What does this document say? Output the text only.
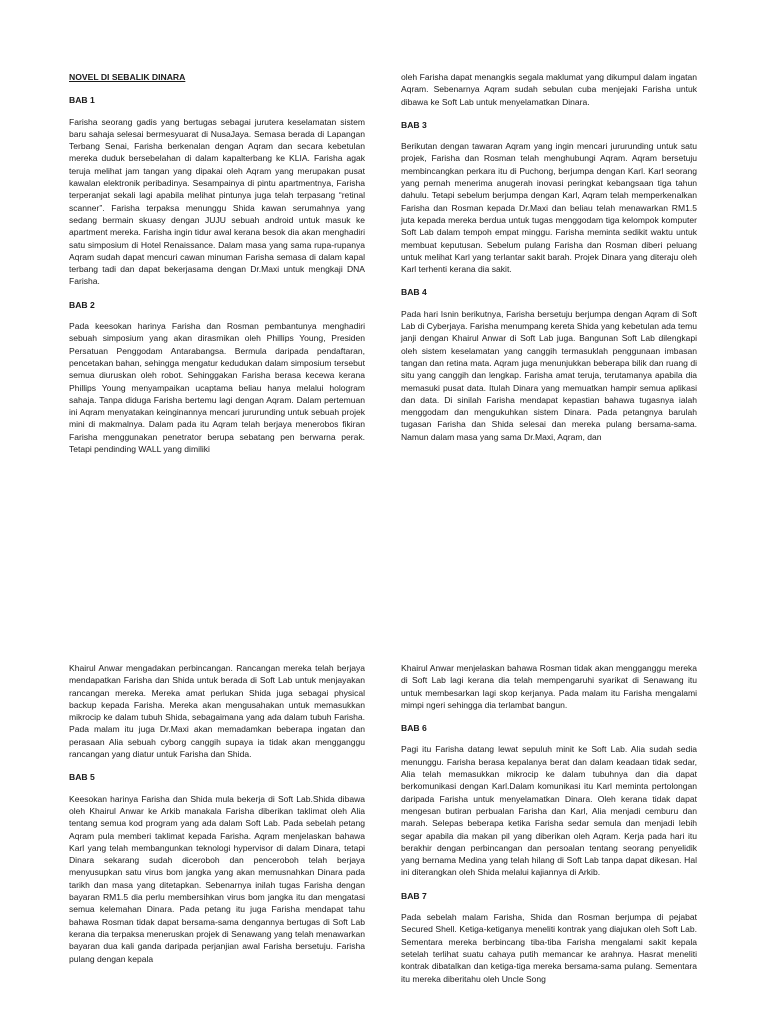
NOVEL DI SEBALIK DINARA
BAB 1
Farisha seorang gadis yang bertugas sebagai jurutera keselamatan sistem baru sahaja selesai bermesyuarat di NusaJaya. Semasa berada di Lapangan Terbang Senai, Farisha berkenalan dengan Aqram dan secara kebetulan mereka duduk bersebelahan di dalam kapalterbang ke KLIA. Farisha agak teruja melihat jam tangan yang dipakai oleh Aqram yang merupakan pusat kawalan elektronik peribadinya. Sesampainya di pintu apartmentnya, Farisha terperanjat sekali lagi apabila melihat pintunya juga telah terpasang “retinal scanner”. Farisha terpaksa menunggu Shida kawan serumahnya yang sedang bermain skuasy dengan JUJU sebuah android untuk masuk ke apartment mereka. Farisha ingin tidur awal kerana besok dia akan menghadiri satu simposium di Hotel Renaissance. Dalam masa yang sama rupa-rupanya Aqram sudah dapat mencuri cawan minuman Farisha semasa di dalam kapal terbang tadi dan dapat bekerjasama dengan Dr.Maxi untuk mengkaji DNA Farisha.
BAB 2
Pada keesokan harinya Farisha dan Rosman pembantunya menghadiri sebuah simposium yang akan dirasmikan oleh Phillips Young, Presiden Persatuan Penggodam Antarabangsa. Bermula daripada pendaftaran, pencetakan bahan, sehingga mengatur kedudukan dalam simposium tersebut semua diuruskan oleh robot. Sehinggakan Farisha berasa kecewa kerana Phillips Young menyampaikan ucaptama beliau hanya melalui hologram sahaja. Tanpa diduga Farisha bertemu lagi dengan Aqram. Dalam pertemuan ini Aqram menyatakan keinginannya mencari jururunding untuk sebuah projek mini di makmalnya. Dalam pada itu Aqram telah berjaya menerobos fikiran Farisha menggunakan penetrator berupa sebatang pen berwarna perak. Tetapi pendinding WALL yang dimiliki
oleh Farisha dapat menangkis segala maklumat yang dikumpul dalam ingatan Aqram. Sebenarnya Aqram sudah sebulan cuba menjejaki Farisha untuk dibawa ke Soft Lab untuk menyelamatkan Dinara.
BAB 3
Berikutan dengan tawaran Aqram yang ingin mencari jururunding untuk satu projek, Farisha dan Rosman telah menghubungi Aqram. Aqram bersetuju membincangkan perkara itu di Puchong, berjumpa dengan Karl. Karl seorang yang pernah menerima anugerah inovasi peringkat kebangsaan tiga tahun dahulu. Tetapi sebelum berjumpa dengan Karl, Aqram telah memperkenalkan Farisha dan Rosman kepada Dr.Maxi dan beliau telah menawarkan RM1.5 juta kepada mereka berdua untuk tugas menggodam tiga kelompok komputer Soft Lab dalam tempoh empat minggu. Farisha meminta sedikit waktu untuk membuat keputusan. Sebelum pulang Farisha dan Rosman diberi peluang untuk melihat Karl yang terlantar sakit barah. Projek Dinara yang diteraju oleh Karl terhenti kerana dia sakit.
BAB 4
Pada hari Isnin berikutnya, Farisha bersetuju berjumpa dengan Aqram di Soft Lab di Cyberjaya. Farisha menumpang kereta Shida yang kebetulan ada temu janji dengan Khairul Anwar di Soft Lab juga. Bangunan Soft Lab dilengkapi oleh sistem keselamatan yang canggih termasuklah penggunaan imbasan tangan dan retina mata. Aqram juga menunjukkan beberapa bilik dan ruang di situ yang canggih dan lengkap. Farisha amat teruja, terutamanya apabila dia memasuki pusat data. Itulah Dinara yang memuatkan hampir semua aplikasi dan data. Di sinilah Farisha mendapat kepastian bahawa tugasnya ialah menggodam dan mengukuhkan sistem Dinara. Pada petangnya barulah tugasan Farisha dan Shida selesai dan mereka pulang bersama-sama. Namun dalam masa yang sama Dr.Maxi, Aqram, dan
Khairul Anwar mengadakan perbincangan. Rancangan mereka telah berjaya mendapatkan Farisha dan Shida untuk berada di Soft Lab untuk menjayakan rancangan mereka. Mereka amat perlukan Shida juga sebagai physical backup kepada Farisha. Mereka akan mengusahakan untuk memasukkan mikrocip ke dalam tubuh Shida, sebagaimana yang ada dalam tubuh Farisha. Pada malam itu juga Dr.Maxi akan memadamkan beberapa ingatan dan perasaan Alia sebuah cyborg canggih supaya ia tidak akan mengganggu rancangan yang diatur untuk Farisha dan Shida.
BAB 5
Keesokan harinya Farisha dan Shida mula bekerja di Soft Lab.Shida dibawa oleh Khairul Anwar ke Arkib manakala Farisha diberikan taklimat oleh Alia tentang semua kod program yang ada dalam Soft Lab. Pada sebelah petang Aqram pula memberi taklimat kepada Farisha. Aqram menjelaskan bahawa Karl yang telah membangunkan teknologi hypervisor di dalam Dinara, tetapi Dinara sekarang sudah diceroboh dan penceroboh telah berjaya menyusupkan satu virus bom jangka yang akan memusnahkan Dinara pada tarikh dan masa yang ditetapkan. Sebenarnya inilah tugas Farisha dengan bayaran RM1.5 dia perlu membersihkan virus bom jangka itu dan mengatasi semua kelemahan Dinara. Pada petang itu juga Farisha mendapat tahu bahawa Rosman tidak dapat bersama-sama dengannya bertugas di Soft Lab kerana dia terpaksa meneruskan projek di Senawang yang telah menawarkan bayaran dua kali ganda daripada perjanjian awal Farisha bersetuju. Farisha pulang dengan kepala
Khairul Anwar menjelaskan bahawa Rosman tidak akan mengganggu mereka di Soft Lab lagi kerana dia telah mempengaruhi syarikat di Senawang itu untuk membesarkan lagi skop kerjanya. Pada malam itu Farisha mengalami mimpi ngeri sehingga dia terlambat bangun.
BAB 6
Pagi itu Farisha datang lewat sepuluh minit ke Soft Lab. Alia sudah sedia menunggu. Farisha berasa kepalanya berat dan dalam keadaan tidak sedar, Alia telah memasukkan mikrocip ke dalam tubuhnya dan dia dapat berkomunikasi dengan Karl.Dalam komunikasi itu Karl meminta pertolongan daripada Farisha untuk menyelamatkan Dinara. Oleh kerana tidak dapat mengesan butiran perbualan Farisha dan Karl, Alia menjadi cemburu dan marah. Selepas beberapa ketika Farisha sedar semula dan menjadi lebih segar apabila dia makan pil yang diberikan oleh Aqram. Kerja pada hari itu berakhir dengan perbincangan dan persoalan tentang seorang penyelidik yang bernama Medina yang telah hilang di Soft Lab tanpa dapat dikesan. Hal ini diterangkan oleh Shida melalui kajiannya di Arkib.
BAB 7
Pada sebelah malam Farisha, Shida dan Rosman berjumpa di pejabat Secured Shell. Ketiga-ketiganya meneliti kontrak yang diajukan oleh Soft Lab. Sementara mereka berbincang tiba-tiba Farisha mengalami sakit kepala setelah terlihat suatu cahaya putih memancar ke arahnya. Hasrat meneliti kontrak dibatalkan dan ketiga-tiga mereka bersama-sama pulang. Sementara itu mereka diberitahu oleh Uncle Song
